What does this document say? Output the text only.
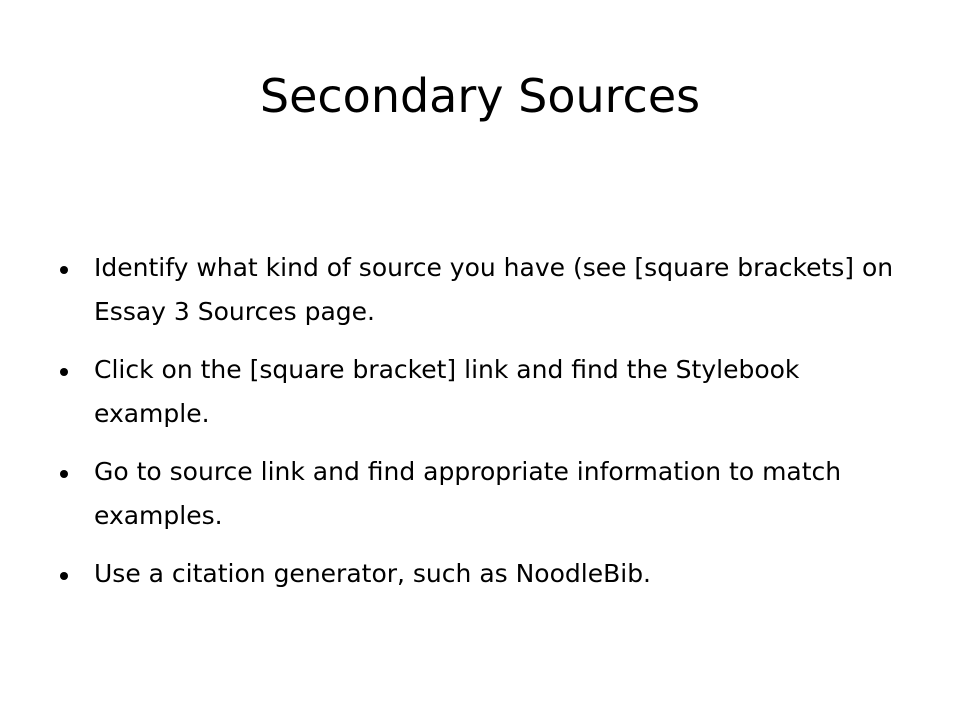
Secondary Sources
Identify what kind of source you have (see [square brackets] on Essay 3 Sources page.
Click on the [square bracket] link and find the Stylebook example.
Go to source link and find appropriate information to match examples.
Use a citation generator, such as NoodleBib.
